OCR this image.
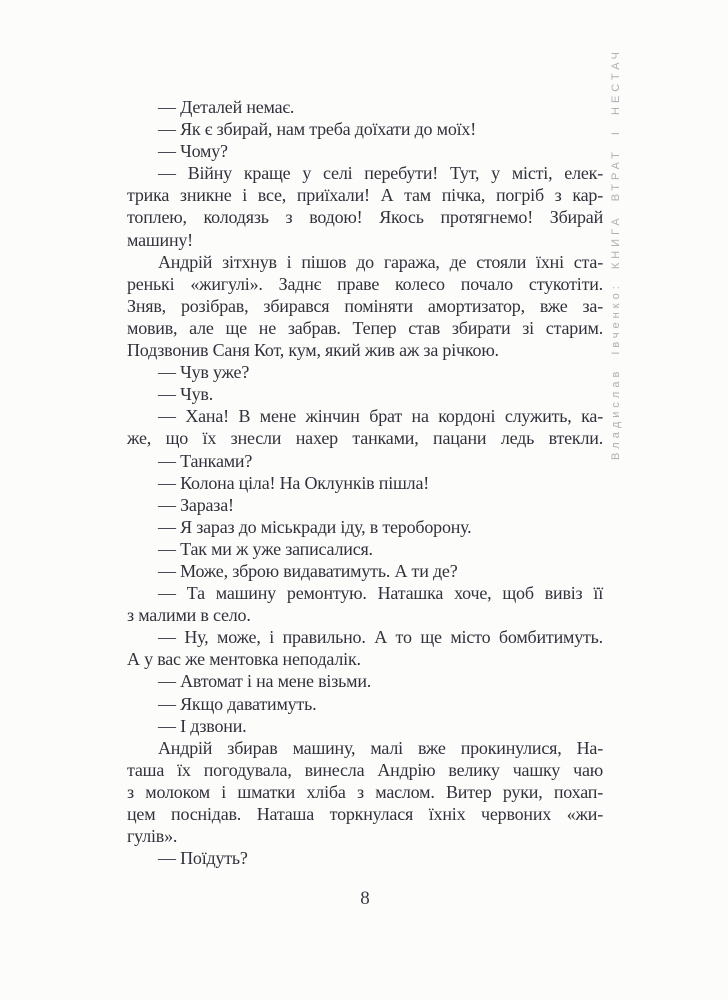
Владислав Івченко: КНИГА ВТРАТ І НЕСТАЧ
— Деталей немає.
— Як є збирай, нам треба доїхати до моїх!
— Чому?
— Війну краще у селі перебути! Тут, у місті, елек-
трика зникне і все, приїхали! А там пічка, погріб з кар-
топлею, колодязь з водою! Якось протягнемо! Збирай
машину!
Андрій зітхнув і пішов до гаража, де стояли їхні ста-
ренькі «жигулі». Заднє праве колесо почало стукотіти.
Зняв, розібрав, збирався поміняти амортизатор, вже за-
мовив, але ще не забрав. Тепер став збирати зі старим.
Подзвонив Саня Кот, кум, який жив аж за річкою.
— Чув уже?
— Чув.
— Хана! В мене жінчин брат на кордоні служить, ка-
же, що їх знесли нахер танками, пацани ледь втекли.
— Танками?
— Колона ціла! На Оклунків пішла!
— Зараза!
— Я зараз до міськради іду, в тероборону.
— Так ми ж уже записалися.
— Може, зброю видаватимуть. А ти де?
— Та машину ремонтую. Наташка хоче, щоб вивіз її
з малими в село.
— Ну, може, і правильно. А то ще місто бомбитимуть.
А у вас же ментовка неподалік.
— Автомат і на мене візьми.
— Якщо даватимуть.
— І дзвони.
Андрій збирав машину, малі вже прокинулися, На-
таша їх погодувала, винесла Андрію велику чашку чаю
з молоком і шматки хліба з маслом. Витер руки, похап-
цем поснідав. Наташа торкнулася їхніх червоних «жи-
гулів».
— Поїдуть?
8
